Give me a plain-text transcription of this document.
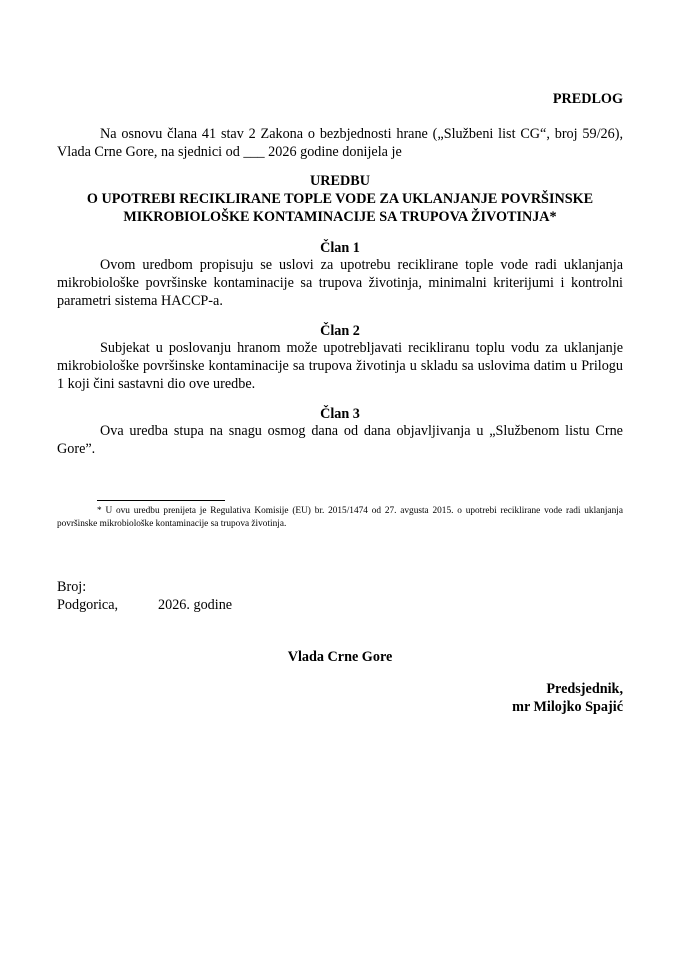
PREDLOG
Na osnovu člana 41 stav 2 Zakona o bezbjednosti hrane („Službeni list CG“, broj 59/26), Vlada Crne Gore, na sjednici od ___ 2026 godine donijela je
UREDBU
O UPOTREBI RECIKLIRANE TOPLE VODE ZA UKLANJANJE POVRŠINSKE
MIKROBIOLOŠKE KONTAMINACIJE SA TRUPOVA ŽIVOTINJA*
Član 1
Ovom uredbom propisuju se uslovi za upotrebu reciklirane tople vode radi uklanjanja mikrobiološke površinske kontaminacije sa trupova životinja, minimalni kriterijumi i kontrolni parametri sistema HACCP-a.
Član 2
Subjekat u poslovanju hranom može upotrebljavati recikliranu toplu vodu za uklanjanje mikrobiološke površinske kontaminacije sa trupova životinja u skladu sa uslovima datim u Prilogu 1 koji čini sastavni dio ove uredbe.
Član 3
Ova uredba stupa na snagu osmog dana od dana objavljivanja u „Službenom listu Crne Gore”.
* U ovu uredbu prenijeta je Regulativa Komisije (EU) br. 2015/1474 od 27. avgusta 2015. o upotrebi reciklirane vode radi uklanjanja površinske mikrobiološke kontaminacije sa trupova životinja.
Broj:
Podgorica,	2026. godine
Vlada Crne Gore
Predsjednik,
mr Milojko Spajić
